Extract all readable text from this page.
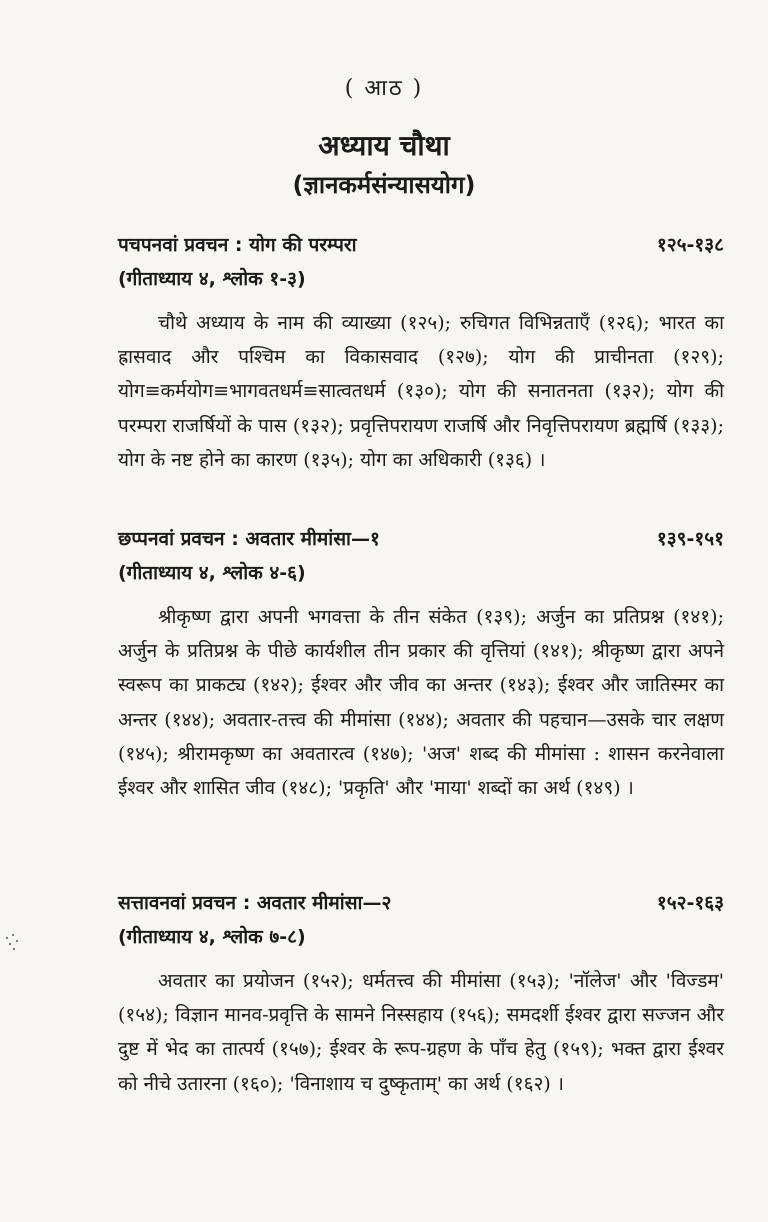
( आठ )
अध्याय चौथा
(ज्ञानकर्मसंन्यासयोग)
पचपनवां प्रवचन : योग की परम्परा	१२५-१३८
(गीताध्याय ४, श्लोक १-३)
चौथे अध्याय के नाम की व्याख्या (१२५); रुचिगत विभिन्नताएँ (१२६); भारत का ह्रासवाद और पश्चिम का विकासवाद (१२७); योग की प्राचीनता (१२९); योग≡कर्मयोग≡भागवतधर्म≡सात्वतधर्म (१३०); योग की सनातनता (१३२); योग की परम्परा राजर्षियों के पास (१३२); प्रवृत्तिपरायण राजर्षि और निवृत्तिपरायण ब्रह्मर्षि (१३३); योग के नष्ट होने का कारण (१३५); योग का अधिकारी (१३६) ।
छप्पनवां प्रवचन : अवतार मीमांसा—१	१३९-१५१
(गीताध्याय ४, श्लोक ४-६)
श्रीकृष्ण द्वारा अपनी भगवत्ता के तीन संकेत (१३९); अर्जुन का प्रतिप्रश्न (१४१); अर्जुन के प्रतिप्रश्न के पीछे कार्यशील तीन प्रकार की वृत्तियां (१४१); श्रीकृष्ण द्वारा अपने स्वरूप का प्राकट्य (१४२); ईश्वर और जीव का अन्तर (१४३); ईश्वर और जातिस्मर का अन्तर (१४४); अवतार-तत्त्व की मीमांसा (१४४); अवतार की पहचान—उसके चार लक्षण (१४५); श्रीरामकृष्ण का अवतारत्व (१४७); 'अज' शब्द की मीमांसा : शासन करनेवाला ईश्वर और शासित जीव (१४८); 'प्रकृति' और 'माया' शब्दों का अर्थ (१४९) ।
सत्तावनवां प्रवचन : अवतार मीमांसा—२	१५२-१६३
(गीताध्याय ४, श्लोक ७-८)
अवतार का प्रयोजन (१५२); धर्मतत्त्व की मीमांसा (१५३); 'नॉलेज' और 'विज्डम' (१५४); विज्ञान मानव-प्रवृत्ति के सामने निस्सहाय (१५६); समदर्शी ईश्वर द्वारा सज्जन और दुष्ट में भेद का तात्पर्य (१५७); ईश्वर के रूप-ग्रहण के पाँच हेतु (१५९); भक्त द्वारा ईश्वर को नीचे उतारना (१६०); 'विनाशाय च दुष्कृताम्' का अर्थ (१६२) ।
